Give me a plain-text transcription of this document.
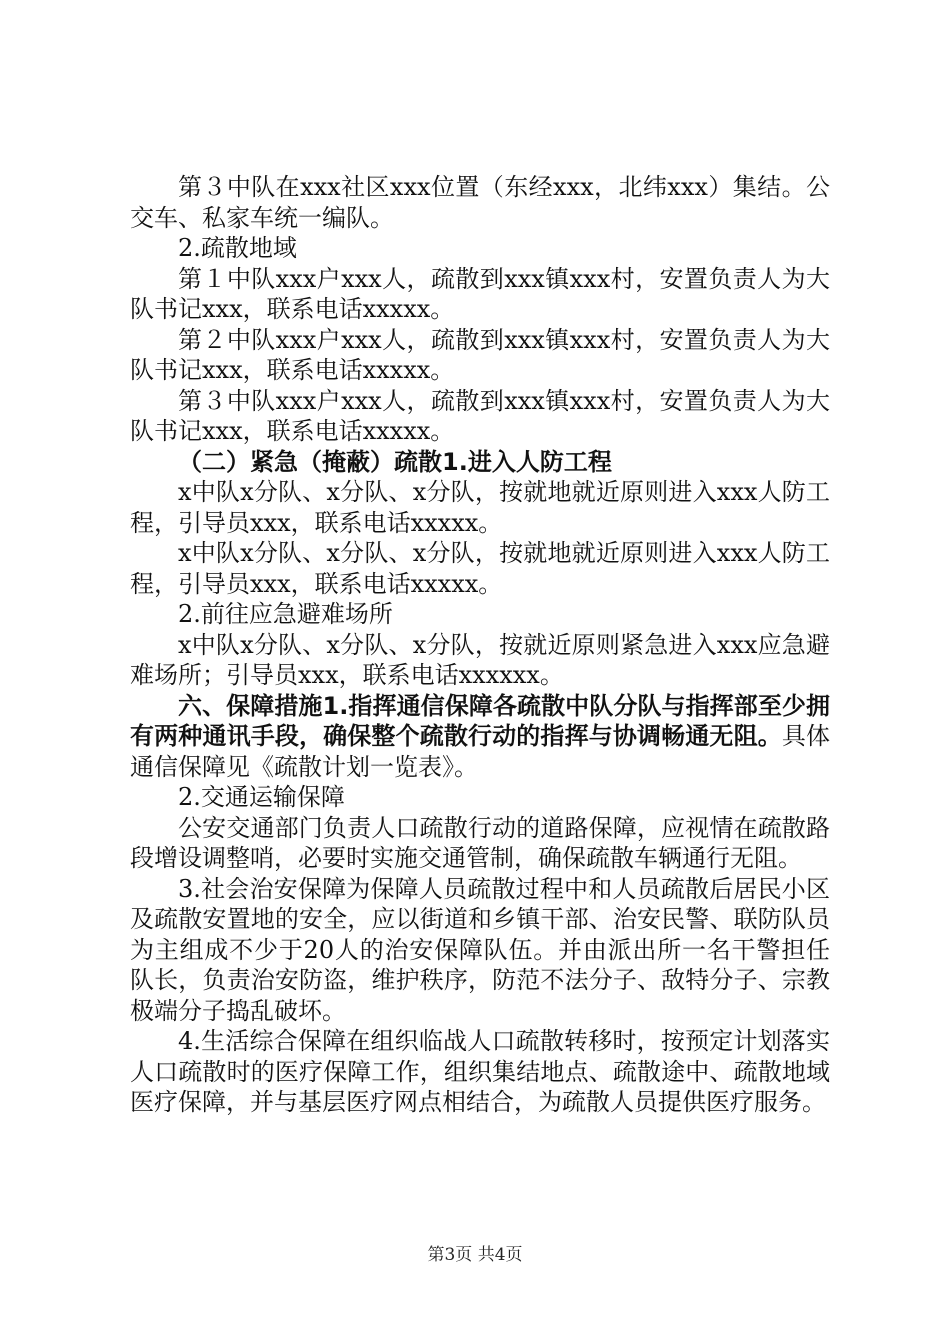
第３中队在xxx社区xxx位置（东经xxx，北纬xxx）集结。公交车、私家车统一编队。

2.疏散地域

第１中队xxx户xxx人，疏散到xxx镇xxx村，安置负责人为大队书记xxx，联系电话xxxxx。

第２中队xxx户xxx人，疏散到xxx镇xxx村，安置负责人为大队书记xxx，联系电话xxxxx。

第３中队xxx户xxx人，疏散到xxx镇xxx村，安置负责人为大队书记xxx，联系电话xxxxx。

（二）紧急（掩蔽）疏散1.进入人防工程

x中队x分队、x分队、x分队，按就地就近原则进入xxx人防工程，引导员xxx，联系电话xxxxx。

x中队x分队、x分队、x分队，按就地就近原则进入xxx人防工程，引导员xxx，联系电话xxxxx。

2.前往应急避难场所

x中队x分队、x分队、x分队，按就近原则紧急进入xxx应急避难场所；引导员xxx，联系电话xxxxxx。

六、保障措施1.指挥通信保障各疏散中队分队与指挥部至少拥有两种通讯手段，确保整个疏散行动的指挥与协调畅通无阻。具体通信保障见《疏散计划一览表》。

2.交通运输保障

公安交通部门负责人口疏散行动的道路保障，应视情在疏散路段增设调整哨，必要时实施交通管制，确保疏散车辆通行无阻。

3.社会治安保障为保障人员疏散过程中和人员疏散后居民小区及疏散安置地的安全，应以街道和乡镇干部、治安民警、联防队员为主组成不少于20人的治安保障队伍。并由派出所一名干警担任队长，负责治安防盗，维护秩序，防范不法分子、敌特分子、宗教极端分子捣乱破坏。

4.生活综合保障在组织临战人口疏散转移时，按预定计划落实人口疏散时的医疗保障工作，组织集结地点、疏散途中、疏散地域医疗保障，并与基层医疗网点相结合，为疏散人员提供医疗服务。

第3页 共4页
